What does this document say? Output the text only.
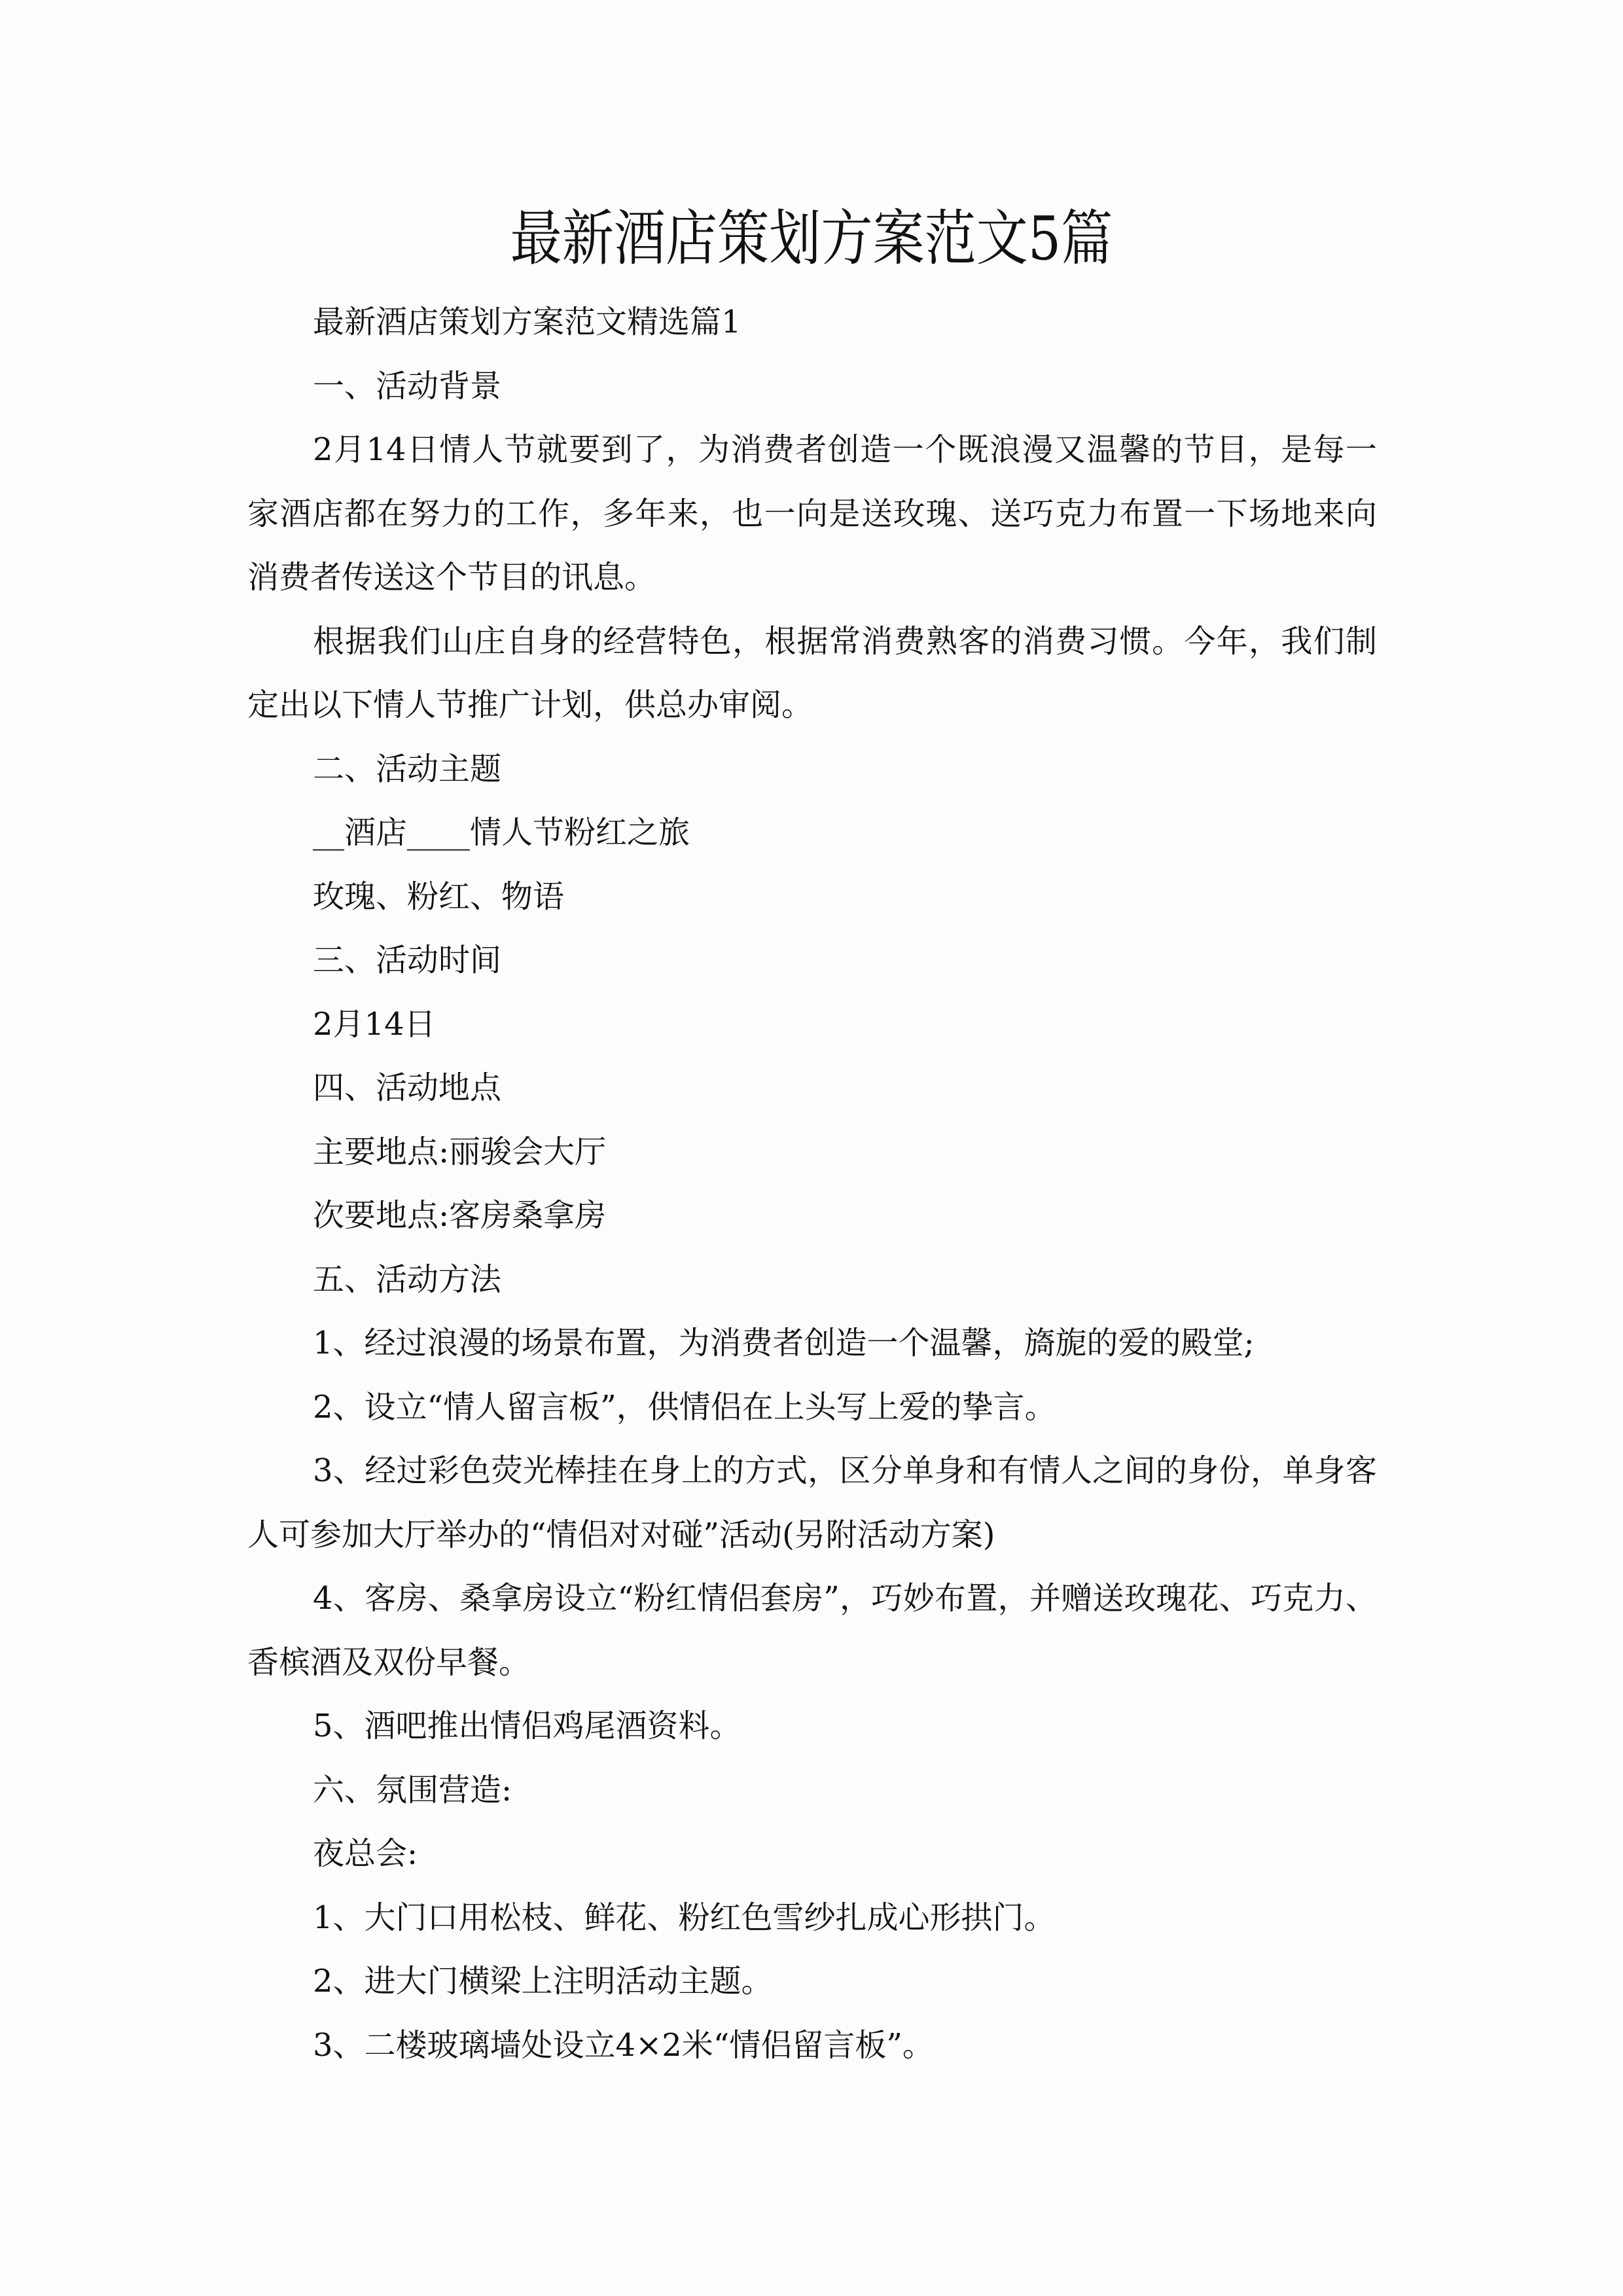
最新酒店策划方案范文5篇

最新酒店策划方案范文精选篇1

一、活动背景

2月14日情人节就要到了，为消费者创造一个既浪漫又温馨的节目，是每一家酒店都在努力的工作，多年来，也一向是送玫瑰、送巧克力布置一下场地来向消费者传送这个节目的讯息。

根据我们山庄自身的经营特色，根据常消费熟客的消费习惯。今年，我们制定出以下情人节推广计划，供总办审阅。

二、活动主题

__酒店____情人节粉红之旅

玫瑰、粉红、物语

三、活动时间

2月14日

四、活动地点

主要地点:丽骏会大厅

次要地点:客房桑拿房

五、活动方法

1、经过浪漫的场景布置，为消费者创造一个温馨，旖旎的爱的殿堂;

2、设立“情人留言板”，供情侣在上头写上爱的挚言。

3、经过彩色荧光棒挂在身上的方式，区分单身和有情人之间的身份，单身客人可参加大厅举办的“情侣对对碰”活动(另附活动方案)

4、客房、桑拿房设立“粉红情侣套房”，巧妙布置，并赠送玫瑰花、巧克力、香槟酒及双份早餐。

5、酒吧推出情侣鸡尾酒资料。

六、氛围营造:

夜总会:

1、大门口用松枝、鲜花、粉红色雪纱扎成心形拱门。

2、进大门横梁上注明活动主题。

3、二楼玻璃墙处设立4×2米“情侣留言板”。
